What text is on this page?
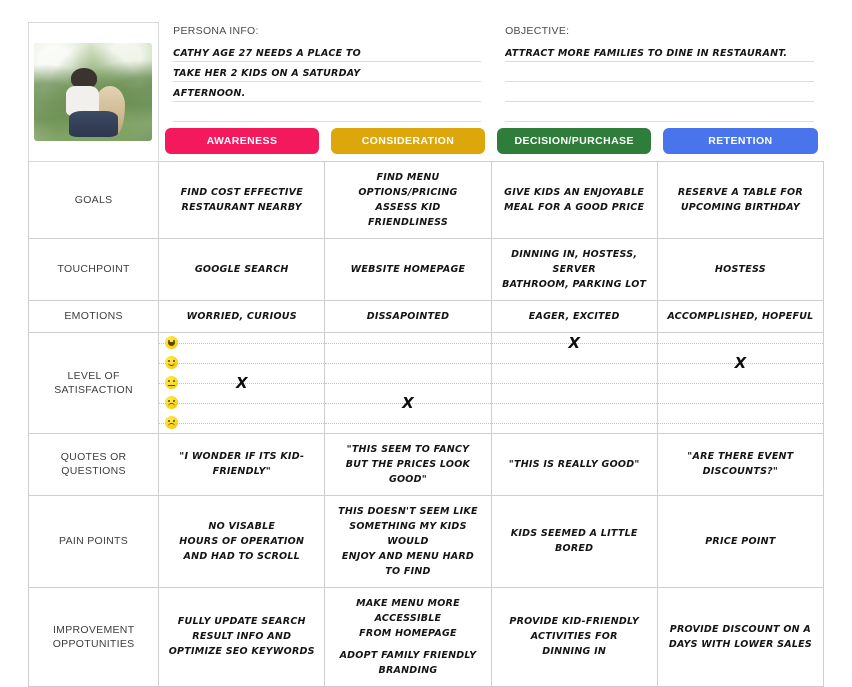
PERSONA INFO:
CATHY AGE 27 NEEDS A PLACE TO
TAKE HER 2 KIDS ON A SATURDAY
AFTERNOON.

OBJECTIVE:
ATTRACT MORE FAMILIES TO DINE IN RESTAURANT.

	AWARENESS	CONSIDERATION	DECISION/PURCHASE	RETENTION

GOALS	FIND COST EFFECTIVE
RESTAURANT NEARBY	FIND MENU OPTIONS/PRICING
ASSESS KID FRIENDLINESS	GIVE KIDS AN ENJOYABLE
MEAL FOR A GOOD PRICE	RESERVE A TABLE FOR
UPCOMING BIRTHDAY

TOUCHPOINT	GOOGLE SEARCH	WEBSITE HOMEPAGE	DINNING IN, HOSTESS, SERVER
BATHROOM, PARKING LOT	HOSTESS

EMOTIONS	WORRIED, CURIOUS	DISSAPOINTED	EAGER, EXCITED	ACCOMPLISHED, HOPEFUL

LEVEL OF SATISFACTION	X	X	X	X

QUOTES OR QUESTIONS	"I WONDER IF ITS KID-FRIENDLY"	"THIS SEEM TO FANCY
BUT THE PRICES LOOK GOOD"	"THIS IS REALLY GOOD"	"ARE THERE EVENT DISCOUNTS?"

PAIN POINTS	NO VISABLE
HOURS OF OPERATION
AND HAD TO SCROLL	THIS DOESN'T SEEM LIKE
SOMETHING MY KIDS WOULD
ENJOY AND MENU HARD TO FIND	KIDS SEEMED A LITTLE BORED	PRICE POINT

IMPROVEMENT OPPOTUNITIES	FULLY UPDATE SEARCH
RESULT INFO AND
OPTIMIZE SEO KEYWORDS	MAKE MENU MORE ACCESSIBLE
FROM HOMEPAGE
ADOPT FAMILY FRIENDLY
BRANDING	PROVIDE KID-FRIENDLY
ACTIVITIES FOR
DINNING IN	PROVIDE DISCOUNT ON A
DAYS WITH LOWER SALES
